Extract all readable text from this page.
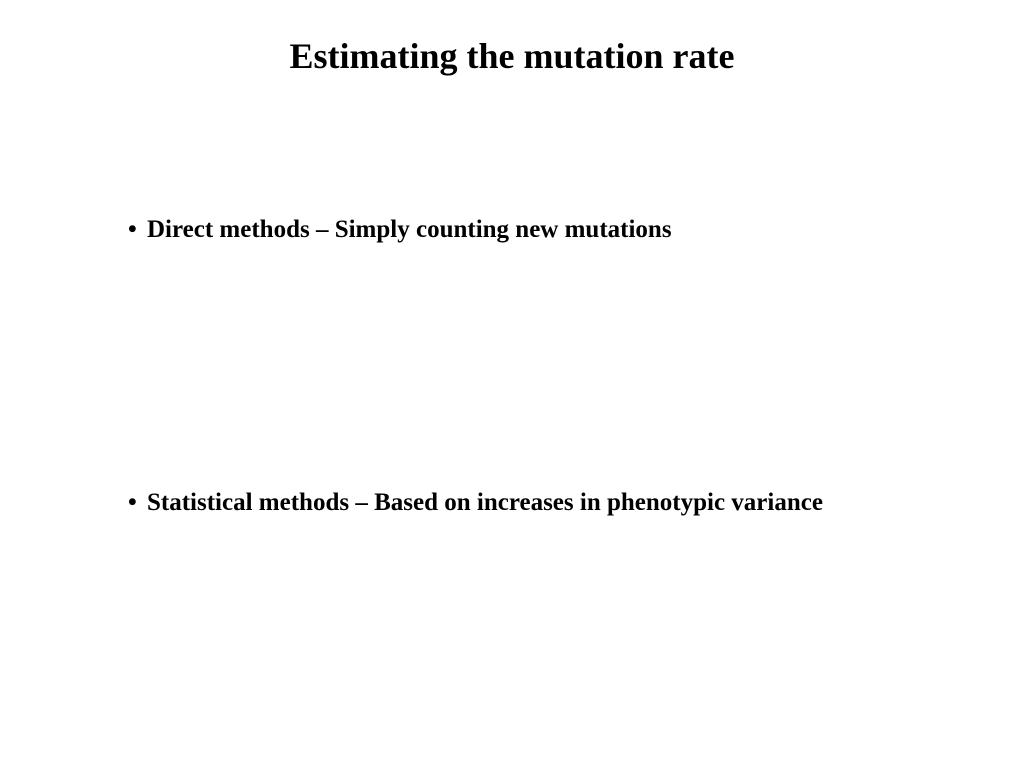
Estimating the mutation rate
• Direct methods – Simply counting new mutations
• Statistical methods – Based on increases in phenotypic variance
